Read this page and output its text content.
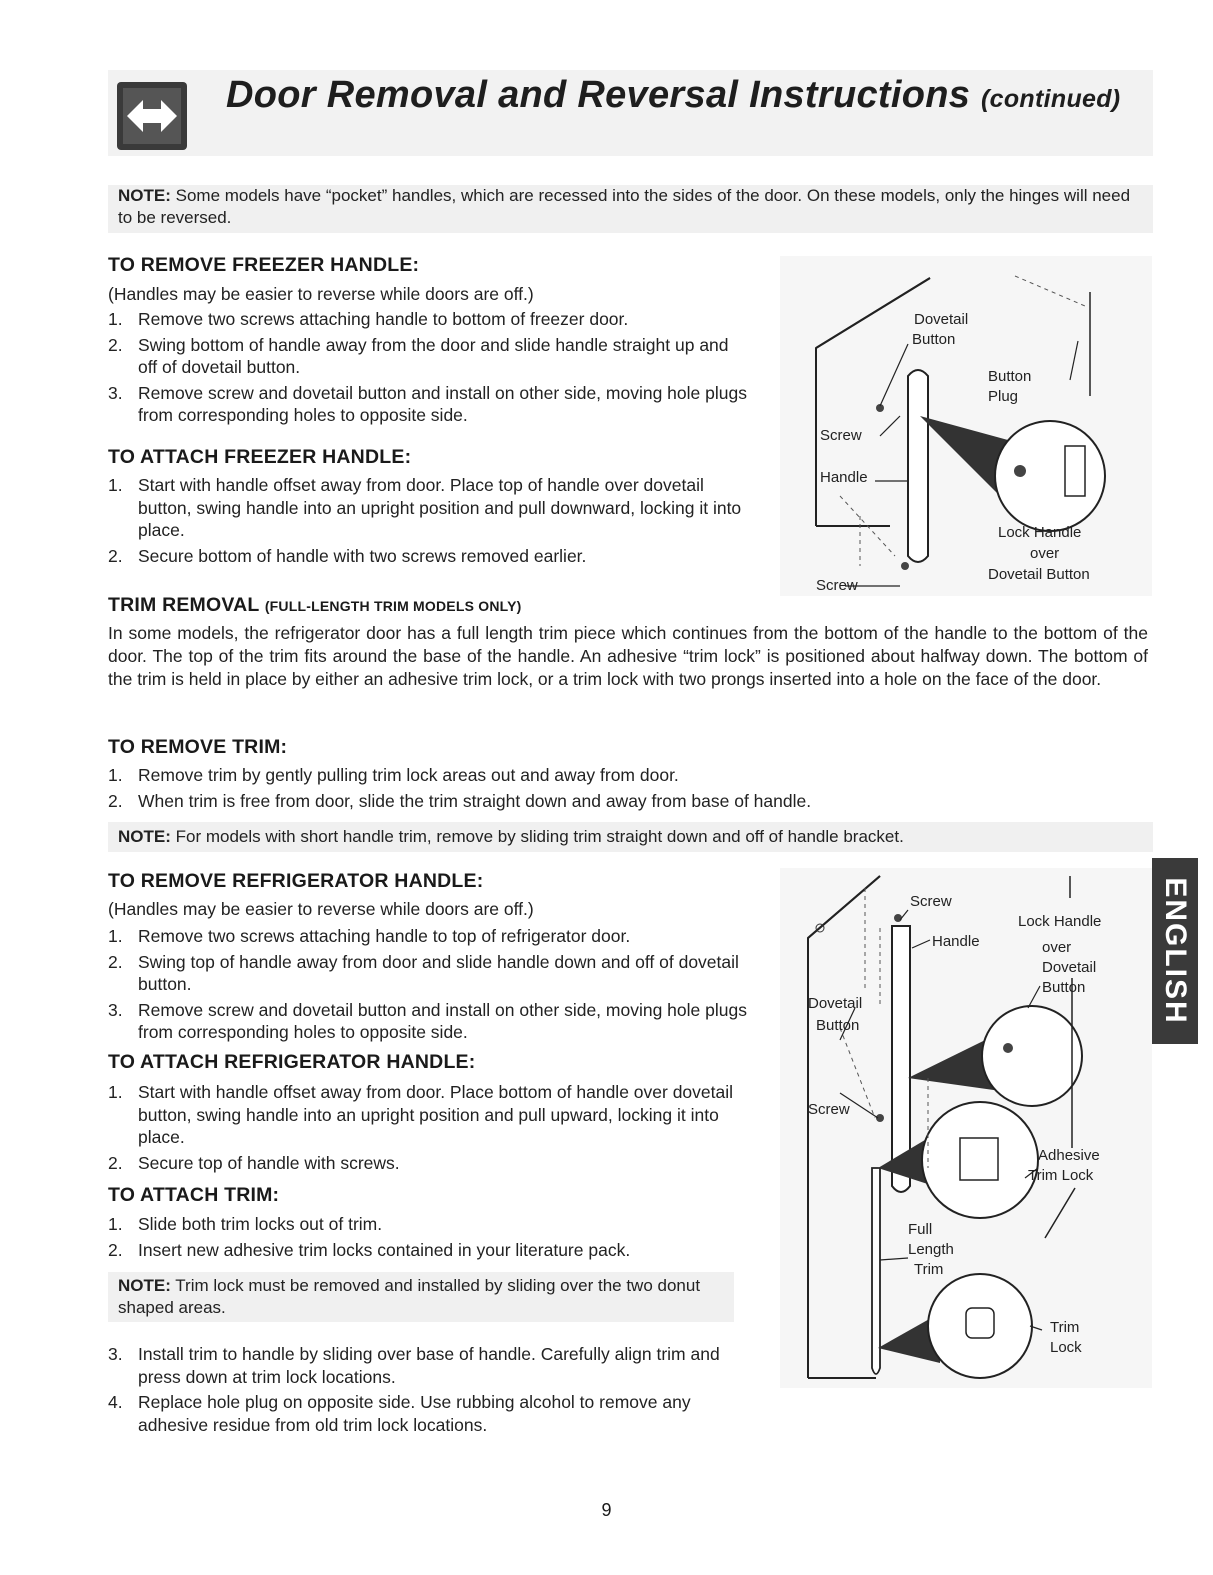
Door Removal and Reversal Instructions (continued)
NOTE: Some models have “pocket” handles, which are recessed into the sides of the door. On these models, only the hinges will need to be reversed.
TO REMOVE FREEZER HANDLE:
(Handles may be easier to reverse while doors are off.)
1. Remove two screws attaching handle to bottom of freezer door.
2. Swing bottom of handle away from the door and slide handle straight up and off of dovetail button.
3. Remove screw and dovetail button and install on other side, moving hole plugs from corresponding holes to opposite side.
TO ATTACH FREEZER HANDLE:
1. Start with handle offset away from door. Place top of handle over dovetail button, swing handle into an upright position and pull downward, locking it into place.
2. Secure bottom of handle with two screws removed earlier.
Dovetail
Button
Button
Plug
Screw
Handle
Lock Handle
over
Dovetail Button
Screw
TRIM REMOVAL (FULL-LENGTH TRIM MODELS ONLY)
In some models, the refrigerator door has a full length trim piece which continues from the bottom of the handle to the bottom of the door. The top of the trim fits around the base of the handle. An adhesive “trim lock” is positioned about halfway down. The bottom of the trim is held in place by either an adhesive trim lock, or a trim lock with two prongs inserted into a hole on the face of the door.
TO REMOVE TRIM:
1. Remove trim by gently pulling trim lock areas out and away from door.
2. When trim is free from door, slide the trim straight down and away from base of handle.
NOTE: For models with short handle trim, remove by sliding trim straight down and off of handle bracket.
TO REMOVE REFRIGERATOR HANDLE:
(Handles may be easier to reverse while doors are off.)
1. Remove two screws attaching handle to top of refrigerator door.
2. Swing top of handle away from door and slide handle down and off of dovetail button.
3. Remove screw and dovetail button and install on other side, moving hole plugs from corresponding holes to opposite side.
TO ATTACH REFRIGERATOR HANDLE:
1. Start with handle offset away from door. Place bottom of handle over dovetail button, swing handle into an upright position and pull upward, locking it into place.
2. Secure top of handle with screws.
TO ATTACH TRIM:
1. Slide both trim locks out of trim.
2. Insert new adhesive trim locks contained in your literature pack.
NOTE: Trim lock must be removed and installed by sliding over the two donut shaped areas.
3. Install trim to handle by sliding over base of handle. Carefully align trim and press down at trim lock locations.
4. Replace hole plug on opposite side. Use rubbing alcohol to remove any adhesive residue from old trim lock locations.
Screw
Handle
Lock Handle
over
Dovetail
Button
Dovetail
Button
Screw
Adhesive
Trim Lock
Full
Length
Trim
Trim
Lock
ENGLISH
9
